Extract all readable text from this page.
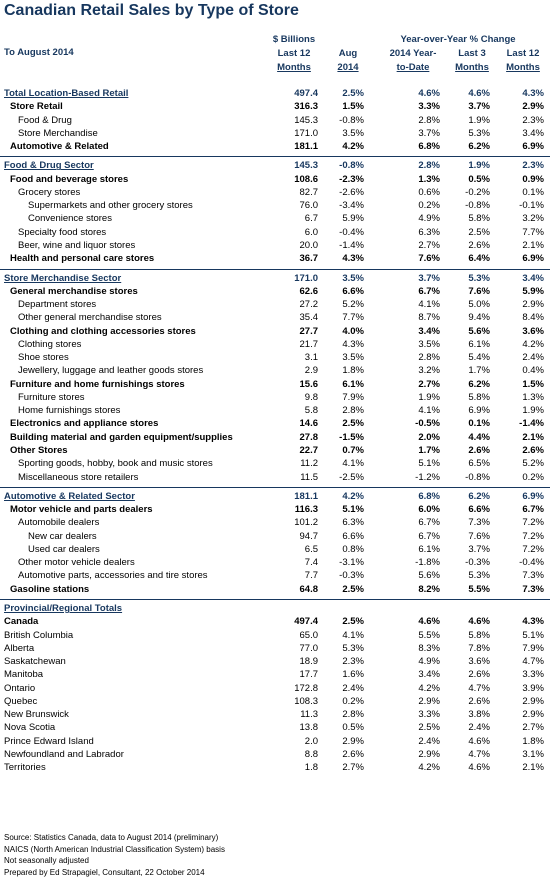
Canadian Retail Sales by Type of Store
To August 2014
$ Billions
Last 12
Months
Aug
2014
Year-over-Year % Change
2014 Year-
to-Date
Last 3
Months
Last 12
Months
Total Location-Based Retail	497.4	2.5%	4.6%	4.6%	4.3%
Store Retail	316.3	1.5%	3.3%	3.7%	2.9%
Food & Drug	145.3 -0.8%	2.8%	1.9%	2.3%
Store Merchandise	171.0	3.5%	3.7%	5.3%	3.4%
Automotive & Related	181.1	4.2%	6.8%	6.2%	6.9%
Food & Drug Sector	145.3 -0.8%	2.8%	1.9%	2.3%
Food and beverage stores	108.6 -2.3%	1.3%	0.5%	0.9%
Grocery stores	82.7 -2.6%	0.6%	-0.2%	0.1%
Supermarkets and other grocery stores	76.0 -3.4%	0.2%	-0.8%	-0.1%
Convenience stores	6.7	5.9%	4.9%	5.8%	3.2%
Specialty food stores	6.0 -0.4%	6.3%	2.5%	7.7%
Beer, wine and liquor stores	20.0 -1.4%	2.7%	2.6%	2.1%
Health and personal care stores	36.7	4.3%	7.6%	6.4%	6.9%
Store Merchandise Sector	171.0	3.5%	3.7%	5.3%	3.4%
General merchandise stores	62.6	6.6%	6.7%	7.6%	5.9%
Department stores	27.2	5.2%	4.1%	5.0%	2.9%
Other general merchandise stores	35.4	7.7%	8.7%	9.4%	8.4%
Clothing and clothing accessories stores	27.7	4.0%	3.4%	5.6%	3.6%
Clothing stores	21.7	4.3%	3.5%	6.1%	4.2%
Shoe stores	3.1	3.5%	2.8%	5.4%	2.4%
Jewellery, luggage and leather goods stores	2.9	1.8%	3.2%	1.7%	0.4%
Furniture and home furnishings stores	15.6	6.1%	2.7%	6.2%	1.5%
Furniture stores	9.8	7.9%	1.9%	5.8%	1.3%
Home furnishings stores	5.8	2.8%	4.1%	6.9%	1.9%
Electronics and appliance stores	14.6	2.5%	-0.5%	0.1%	-1.4%
Building material and garden equipment/supplies	27.8 -1.5%	2.0%	4.4%	2.1%
Other Stores	22.7	0.7%	1.7%	2.6%	2.6%
Sporting goods, hobby, book and music stores	11.2	4.1%	5.1%	6.5%	5.2%
Miscellaneous store retailers	11.5 -2.5%	-1.2%	-0.8%	0.2%
Automotive & Related Sector	181.1	4.2%	6.8%	6.2%	6.9%
Motor vehicle and parts dealers	116.3	5.1%	6.0%	6.6%	6.7%
Automobile dealers	101.2	6.3%	6.7%	7.3%	7.2%
New car dealers	94.7	6.6%	6.7%	7.6%	7.2%
Used car dealers	6.5	0.8%	6.1%	3.7%	7.2%
Other motor vehicle dealers	7.4 -3.1%	-1.8%	-0.3%	-0.4%
Automotive parts, accessories and tire stores	7.7 -0.3%	5.6%	5.3%	7.3%
Gasoline stations	64.8	2.5%	8.2%	5.5%	7.3%
Provincial/Regional Totals
Canada	497.4	2.5%	4.6%	4.6%	4.3%
British Columbia	65.0	4.1%	5.5%	5.8%	5.1%
Alberta	77.0	5.3%	8.3%	7.8%	7.9%
Saskatchewan	18.9	2.3%	4.9%	3.6%	4.7%
Manitoba	17.7	1.6%	3.4%	2.6%	3.3%
Ontario	172.8	2.4%	4.2%	4.7%	3.9%
Quebec	108.3	0.2%	2.9%	2.6%	2.9%
New Brunswick	11.3	2.8%	3.3%	3.8%	2.9%
Nova Scotia	13.8	0.5%	2.5%	2.4%	2.7%
Prince Edward Island	2.0	2.9%	2.4%	4.6%	1.8%
Newfoundland and Labrador	8.8	2.6%	2.9%	4.7%	3.1%
Territories	1.8	2.7%	4.2%	4.6%	2.1%
Source: Statistics Canada, data to August 2014 (preliminary)
NAICS (North American Industrial Classification System) basis
Not seasonally adjusted
Prepared by Ed Strapagiel, Consultant, 22 October 2014
